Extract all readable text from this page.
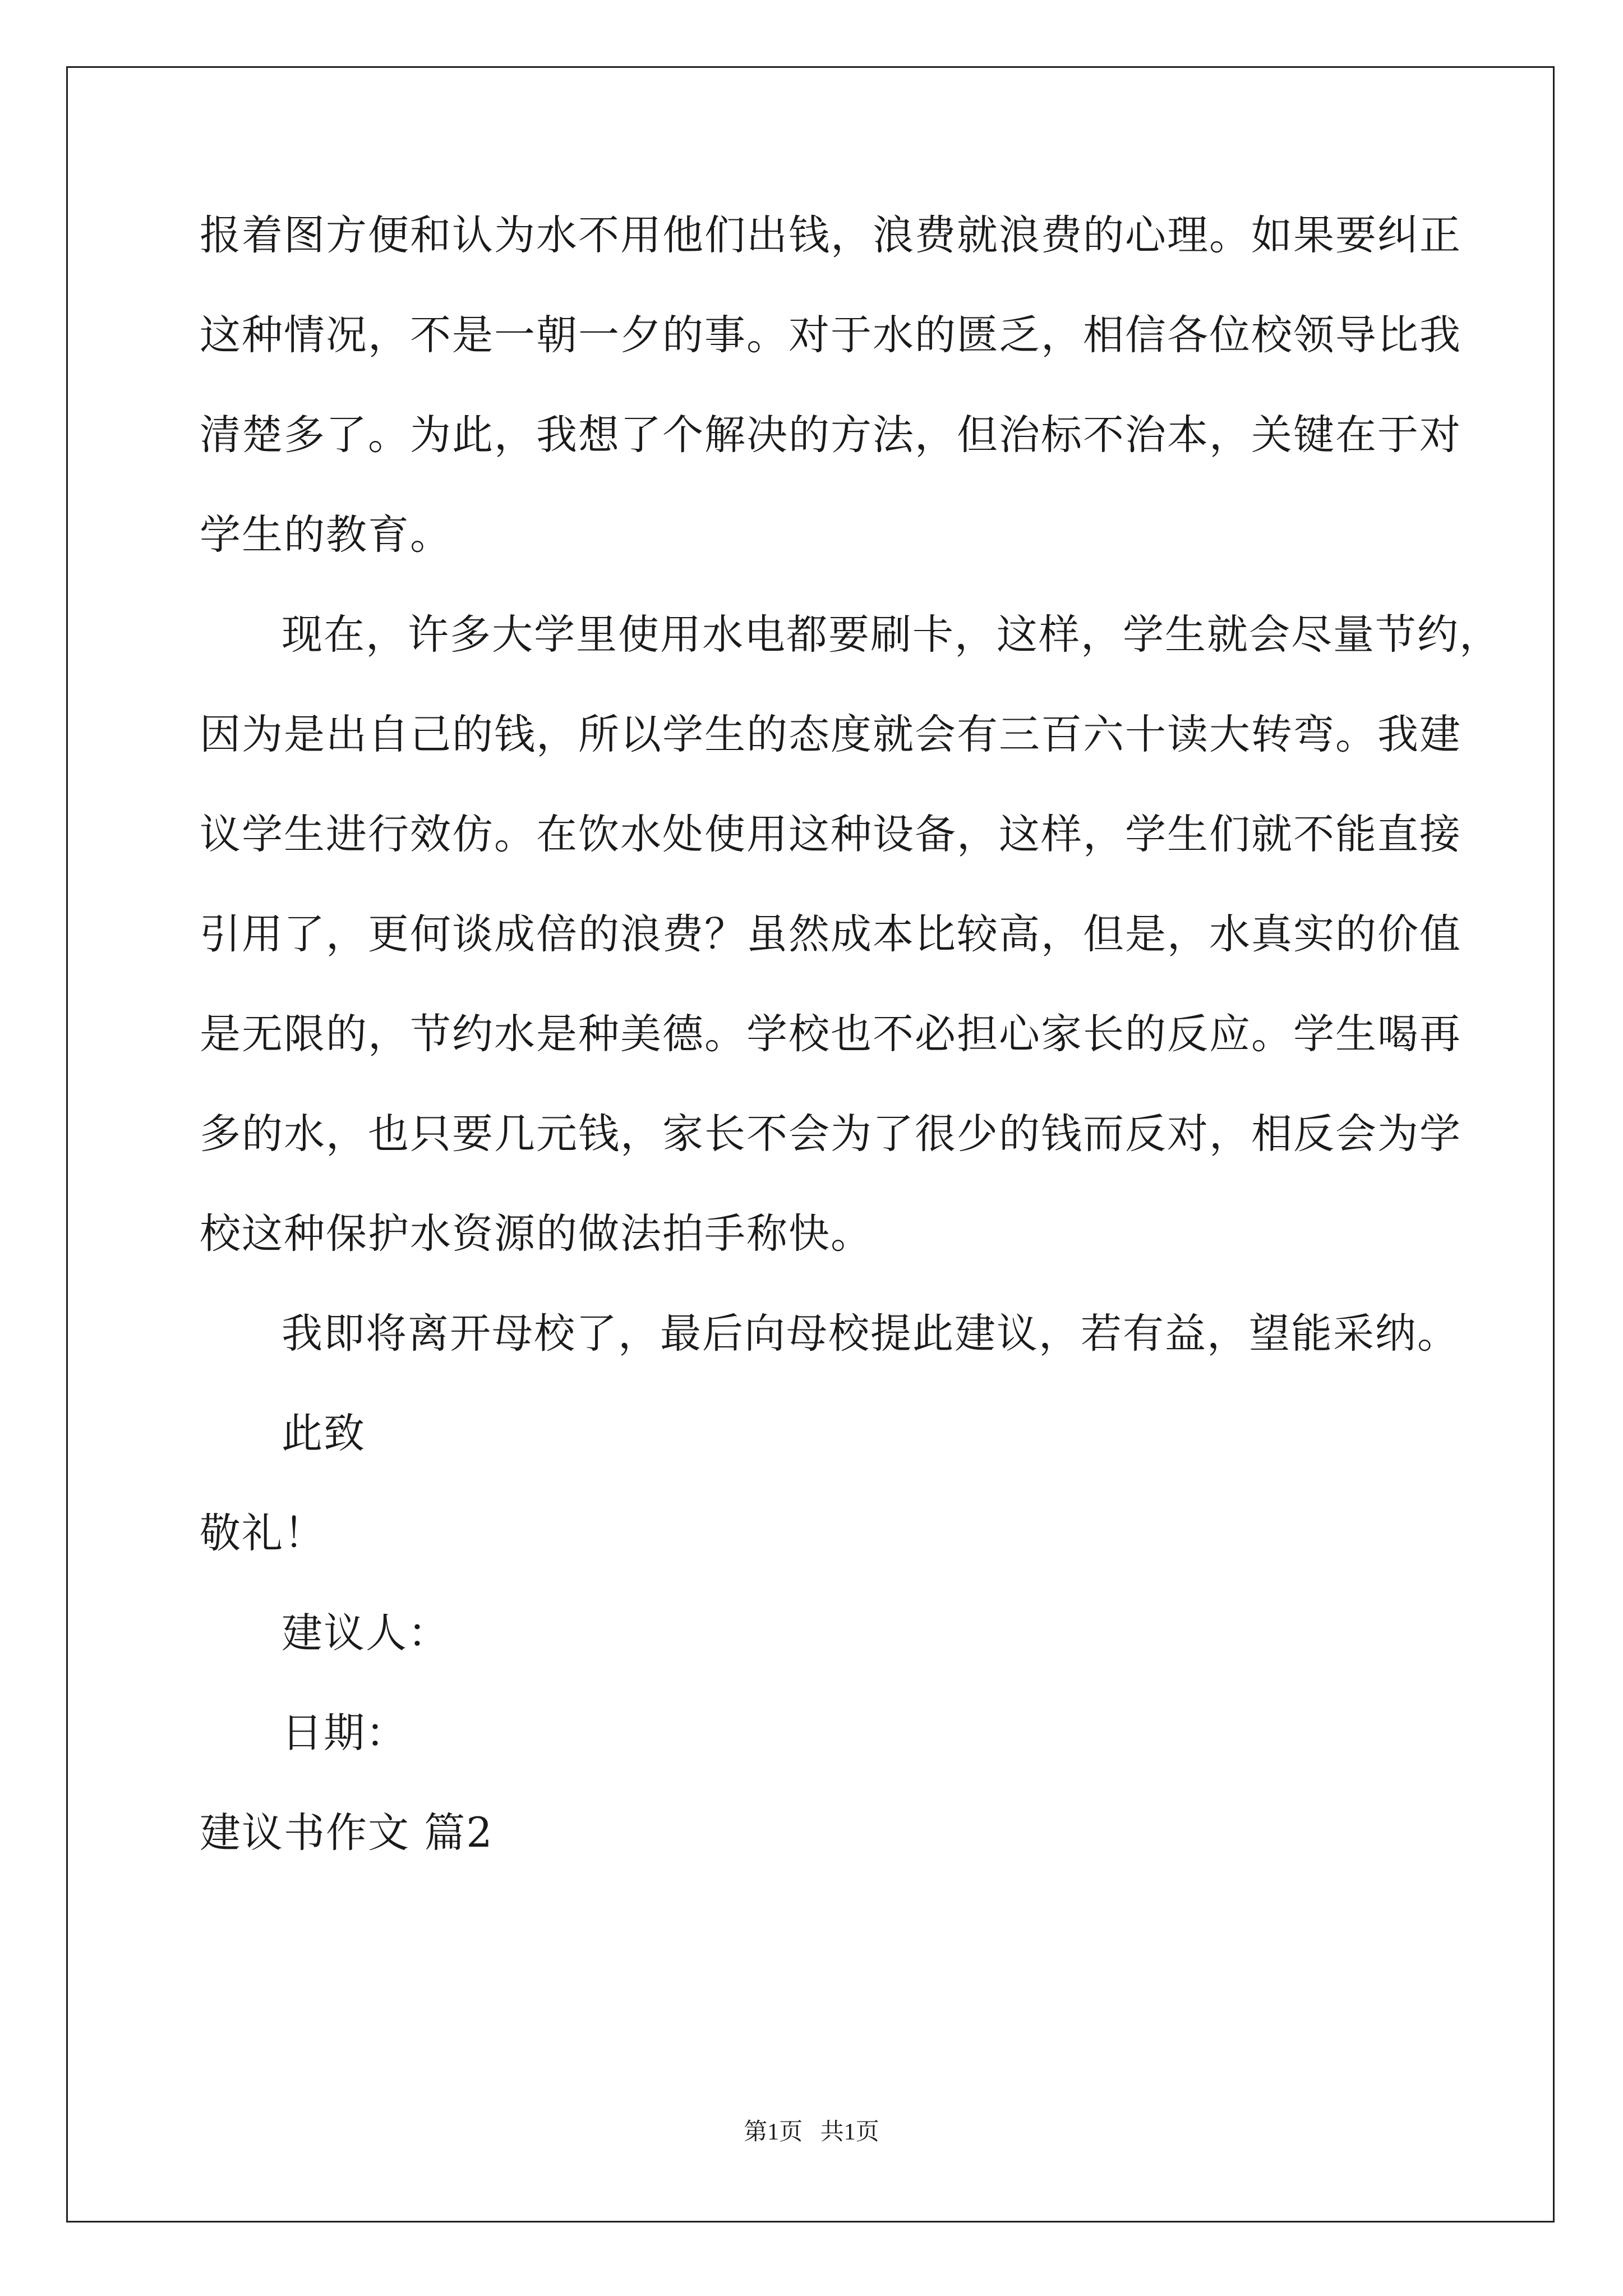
报着图方便和认为水不用他们出钱，浪费就浪费的心理。如果要纠正
这种情况，不是一朝一夕的事。对于水的匮乏，相信各位校领导比我
清楚多了。为此，我想了个解决的方法，但治标不治本，关键在于对
学生的教育。
现在，许多大学里使用水电都要刷卡，这样，学生就会尽量节约，
因为是出自己的钱，所以学生的态度就会有三百六十读大转弯。我建
议学生进行效仿。在饮水处使用这种设备，这样，学生们就不能直接
引用了，更何谈成倍的浪费？虽然成本比较高，但是，水真实的价值
是无限的，节约水是种美德。学校也不必担心家长的反应。学生喝再
多的水，也只要几元钱，家长不会为了很少的钱而反对，相反会为学
校这种保护水资源的做法拍手称快。
我即将离开母校了，最后向母校提此建议，若有益，望能采纳。
此致
敬礼！
建议人：
日期：
建议书作文 篇2
第1页   共1页
